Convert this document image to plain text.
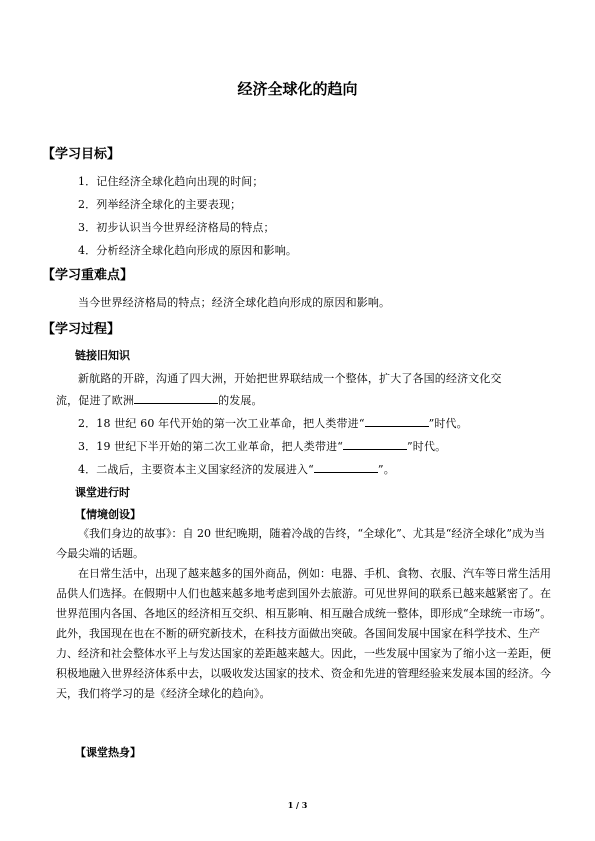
经济全球化的趋向
【学习目标】
1．记住经济全球化趋向出现的时间；
2．列举经济全球化的主要表现；
3．初步认识当今世界经济格局的特点；
4．分析经济全球化趋向形成的原因和影响。
【学习重难点】
当今世界经济格局的特点；经济全球化趋向形成的原因和影响。
【学习过程】
链接旧知识
新航路的开辟，沟通了四大洲，开始把世界联结成一个整体，扩大了各国的经济文化交
流，促进了欧洲	的发展。
2．18 世纪 60 年代开始的第一次工业革命，把人类带进“	”时代。
3．19 世纪下半开始的第二次工业革命，把人类带进“	”时代。
4．二战后，主要资本主义国家经济的发展进入“	”。
课堂进行时
【情境创设】
《我们身边的故事》：自 20 世纪晚期，随着冷战的告终，“全球化”、尤其是“经济全球化”成为当今最尖端的话题。
在日常生活中，出现了越来越多的国外商品，例如：电器、手机、食物、衣服、汽车等日常生活用品供人们选择。在假期中人们也越来越多地考虑到国外去旅游。可见世界间的联系已越来越紧密了。在世界范围内各国、各地区的经济相互交织、相互影响、相互融合成统一整体，即形成“全球统一市场”。此外，我国现在也在不断的研究新技术，在科技方面做出突破。各国间发展中国家在科学技术、生产力、经济和社会整体水平上与发达国家的差距越来越大。因此，一些发展中国家为了缩小这一差距，便积极地融入世界经济体系中去，以吸收发达国家的技术、资金和先进的管理经验来发展本国的经济。今天，我们将学习的是《经济全球化的趋向》。
【课堂热身】
1 / 3
